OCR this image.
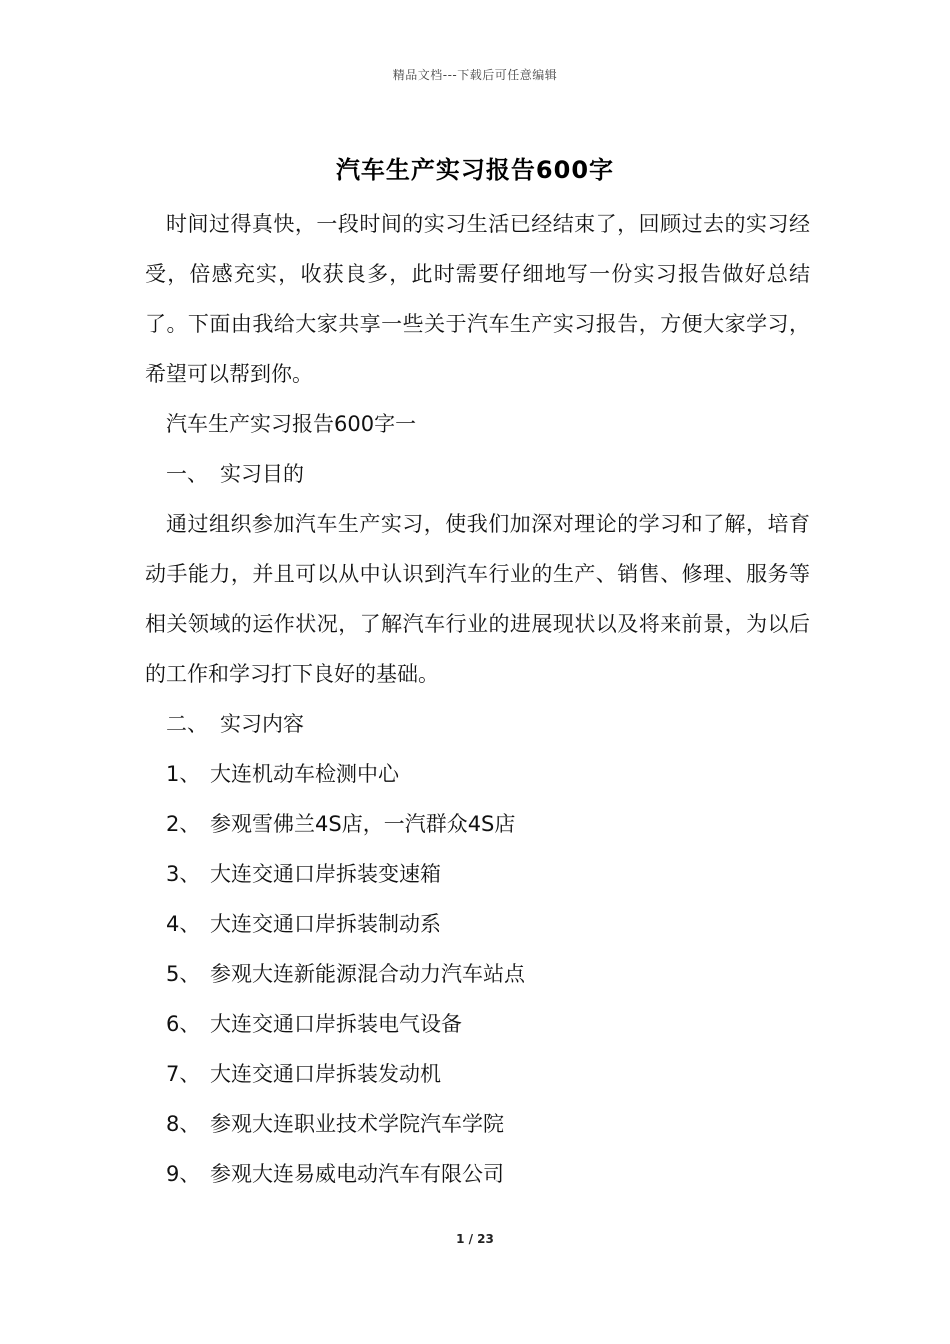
精品文档---下载后可任意编辑
汽车生产实习报告600字

时间过得真快，一段时间的实习生活已经结束了，回顾过去的实习经受，倍感充实，收获良多，此时需要仔细地写一份实习报告做好总结了。下面由我给大家共享一些关于汽车生产实习报告，方便大家学习，希望可以帮到你。

汽车生产实习报告600字一

一、 实习目的

通过组织参加汽车生产实习，使我们加深对理论的学习和了解，培育动手能力，并且可以从中认识到汽车行业的生产、销售、修理、服务等相关领域的运作状况，了解汽车行业的进展现状以及将来前景，为以后的工作和学习打下良好的基础。

二、 实习内容

1、 大连机动车检测中心
2、 参观雪佛兰4S店，一汽群众4S店
3、 大连交通口岸拆装变速箱
4、 大连交通口岸拆装制动系
5、 参观大连新能源混合动力汽车站点
6、 大连交通口岸拆装电气设备
7、 大连交通口岸拆装发动机
8、 参观大连职业技术学院汽车学院
9、 参观大连易威电动汽车有限公司
1 / 23
